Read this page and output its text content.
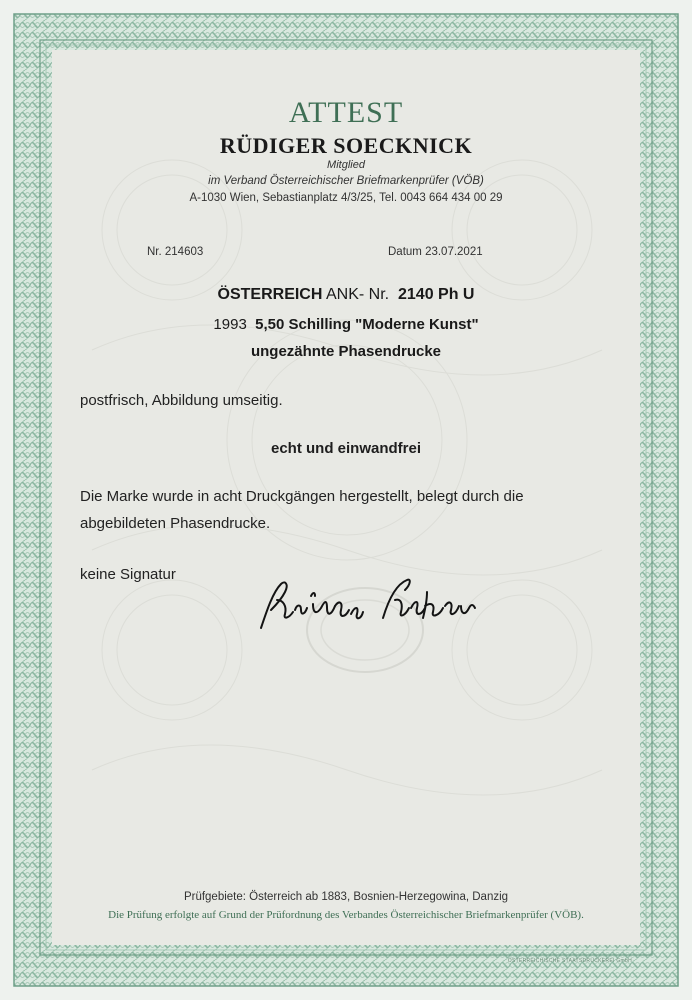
ATTEST
RÜDIGER SOECKNICK
Mitglied
im Verband Österreichischer Briefmarkenprüfer (VÖB)
A-1030 Wien, Sebastianplatz 4/3/25, Tel. 0043 664 434 00 29
Nr. 214603	Datum 23.07.2021
ÖSTERREICH ANK- Nr. 2140 Ph U
1993 5,50 Schilling "Moderne Kunst"
ungezähnte Phasendrucke
postfrisch, Abbildung umseitig.
echt und einwandfrei
Die Marke wurde in acht Druckgängen hergestellt, belegt durch die
abgebildeten Phasendrucke.
keine Signatur
Prüfgebiete: Österreich ab 1883, Bosnien-Herzegowina, Danzig
Die Prüfung erfolgte auf Grund der Prüfordnung des Verbandes Österreichischer Briefmarkenprüfer (VÖB).
ÖSTERREICHISCHE STAATSDRUCKEREI GmbH
